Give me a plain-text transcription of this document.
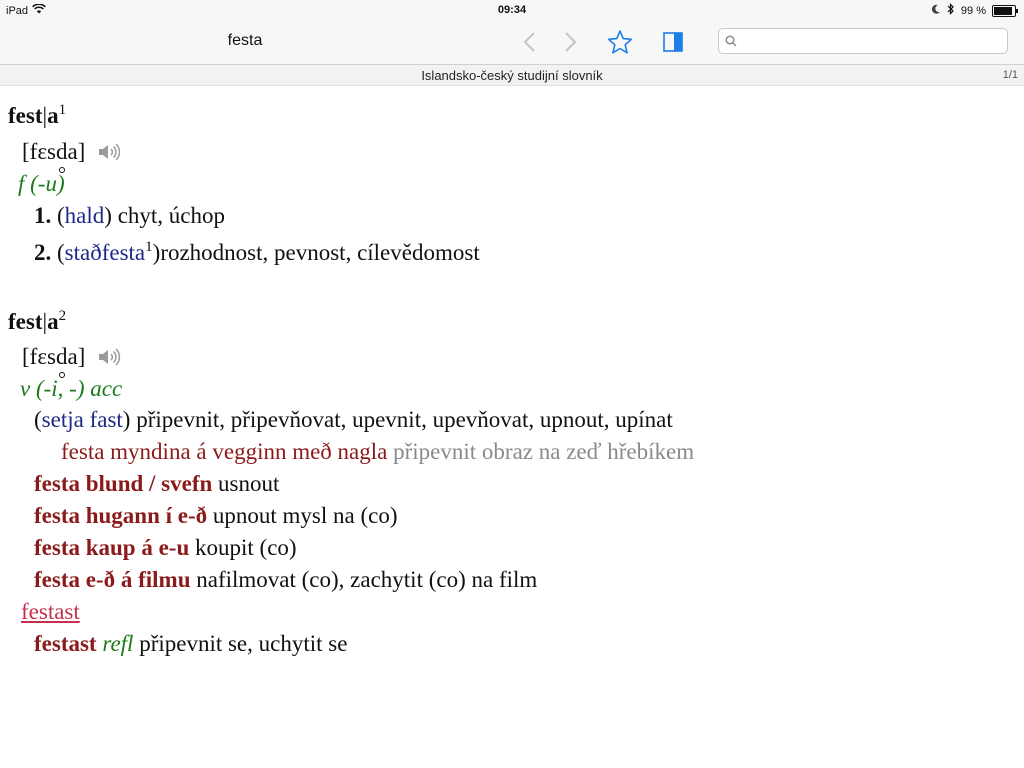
iPad	09:34	99 %
festa
Islandsko-český studijní slovník	1/1
$fest|a^1$
[fɛsda]
f (-u)
1. (hald) chyt, úchop
2. (staðfesta$^1$)rozhodnost, pevnost, cílevědomost
$fest|a^2$
[fɛsda]
v (-i, -) acc
(setja fast) připevnit, připevňovat, upevnit, upevňovat, upnout, upínat
festa myndina á vegginn með nagla připevnit obraz na zeď hřebíkem
festa blund / svefn usnout
festa hugann í e-ð upnout mysl na (co)
festa kaup á e-u koupit (co)
festa e-ð á filmu nafilmovat (co), zachytit (co) na film
festast
festast refl připevnit se, uchytit se
